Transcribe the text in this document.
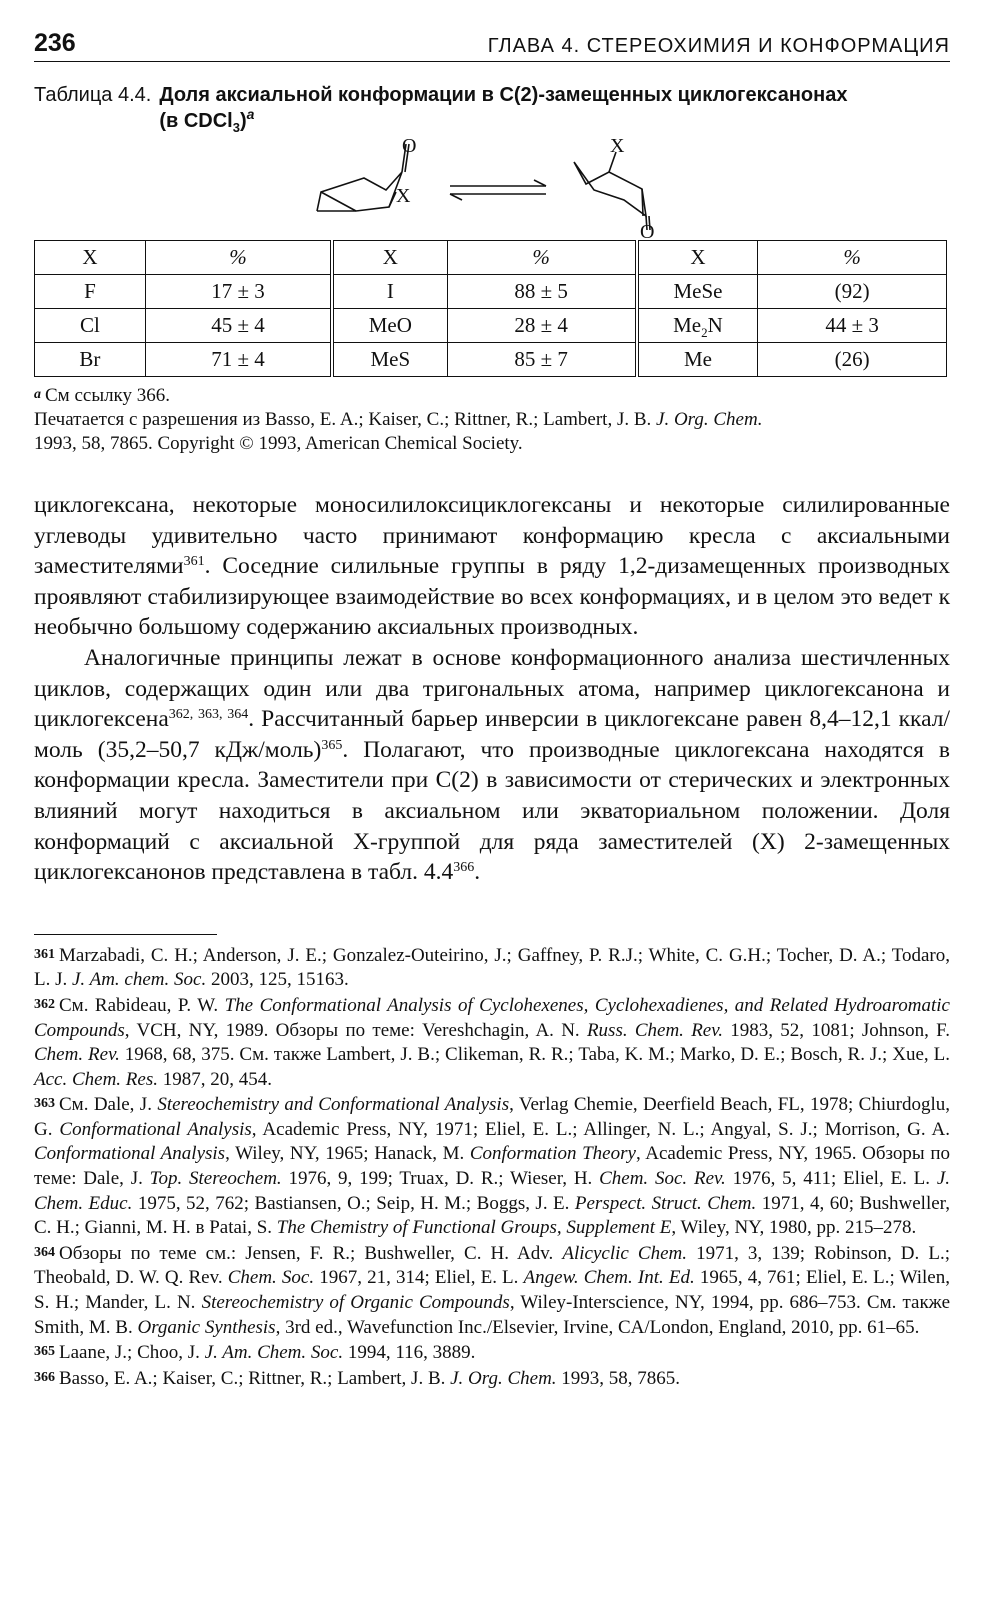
236	ГЛАВА 4. СТЕРЕОХИМИЯ И КОНФОРМАЦИЯ
Таблица 4.4. Доля аксиальной конформации в C(2)-замещенных циклогексанонах
(в CDCl$_3$)$^a$
O
X
X
O
X	%	X	%	X	%
F	17 ± 3	I	88 ± 5	MeSe	(92)
Cl	45 ± 4	MeO	28 ± 4	$Me_2N$	44 ± 3
Br	71 ± 4	MeS	85 ± 7	Me	(26)
a См ссылку 366.
Печатается с разрешения из Basso, E. A.; Kaiser, C.; Rittner, R.; Lambert, J. B. J. Org. Chem.
1993, 58, 7865. Copyright © 1993, American Chemical Society.

циклогексана, некоторые моносилилоксициклогексаны и некоторые силилированные углеводы удивительно часто принимают конформацию кресла с аксиальными заместителями$^{361}$. Соседние силильные группы в ряду 1,2-дизамещенных производных проявляют стабилизирующее взаимодействие во всех конформациях, и в целом это ведет к необычно большому содержанию аксиальных производных.

Аналогичные принципы лежат в основе конформационного анализа шестичленных циклов, содержащих один или два тригональных атома, например циклогексанона и циклогексена$^{362, 363, 364}$. Рассчитанный барьер инверсии в циклогексане равен 8,4–12,1 ккал/моль (35,2–50,7 кДж/моль)$^{365}$. Полагают, что производные циклогексана находятся в конформации кресла. Заместители при C(2) в зависимости от стерических и электронных влияний могут находиться в аксиальном или экваториальном положении. Доля конформаций с аксиальной X-группой для ряда заместителей (X) 2-замещенных циклогексанонов представлена в табл. $4.4^{366}$.

361 Marzabadi, C. H.; Anderson, J. E.; Gonzalez-Outeirino, J.; Gaffney, P. R.J.; White, C. G.H.; Tocher, D. A.; Todaro, L. J. J. Am. chem. Soc. 2003, 125, 15163.

362 См. Rabideau, P. W. The Conformational Analysis of Cyclohexenes, Cyclohexadienes, and Related Hydroaromatic Compounds, VCH, NY, 1989. Обзоры по теме: Vereshchagin, A. N. Russ. Chem. Rev. 1983, 52, 1081; Johnson, F. Chem. Rev. 1968, 68, 375. См. также Lambert, J. B.; Clikeman, R. R.; Taba, K. M.; Marko, D. E.; Bosch, R. J.; Xue, L. Acc. Chem. Res. 1987, 20, 454.

363 См. Dale, J. Stereochemistry and Conformational Analysis, Verlag Chemie, Deerfield Beach, FL, 1978; Chiurdoglu, G. Conformational Analysis, Academic Press, NY, 1971; Eliel, E. L.; Allinger, N. L.; Angyal, S. J.; Morrison, G. A. Conformational Analysis, Wiley, NY, 1965; Hanack, M. Conformation Theory, Academic Press, NY, 1965. Обзоры по теме: Dale, J. Top. Stereochem. 1976, 9, 199; Truax, D. R.; Wieser, H. Chem. Soc. Rev. 1976, 5, 411; Eliel, E. L. J. Chem. Educ. 1975, 52, 762; Bastiansen, O.; Seip, H. M.; Boggs, J. E. Perspect. Struct. Chem. 1971, 4, 60; Bushweller, C. H.; Gianni, M. H. в Patai, S. The Chemistry of Functional Groups, Supplement E, Wiley, NY, 1980, pp. 215–278.

364 Обзоры по теме см.: Jensen, F. R.; Bushweller, C. H. Adv. Alicyclic Chem. 1971, 3, 139; Robinson, D. L.; Theobald, D. W. Q. Rev. Chem. Soc. 1967, 21, 314; Eliel, E. L. Angew. Chem. Int. Ed. 1965, 4, 761; Eliel, E. L.; Wilen, S. H.; Mander, L. N. Stereochemistry of Organic Compounds, Wiley-Interscience, NY, 1994, pp. 686–753. См. также Smith, M. B. Organic Synthesis, 3rd ed., Wavefunction Inc./Elsevier, Irvine, CA/London, England, 2010, pp. 61–65.

365 Laane, J.; Choo, J. J. Am. Chem. Soc. 1994, 116, 3889.

366 Basso, E. A.; Kaiser, C.; Rittner, R.; Lambert, J. B. J. Org. Chem. 1993, 58, 7865.
